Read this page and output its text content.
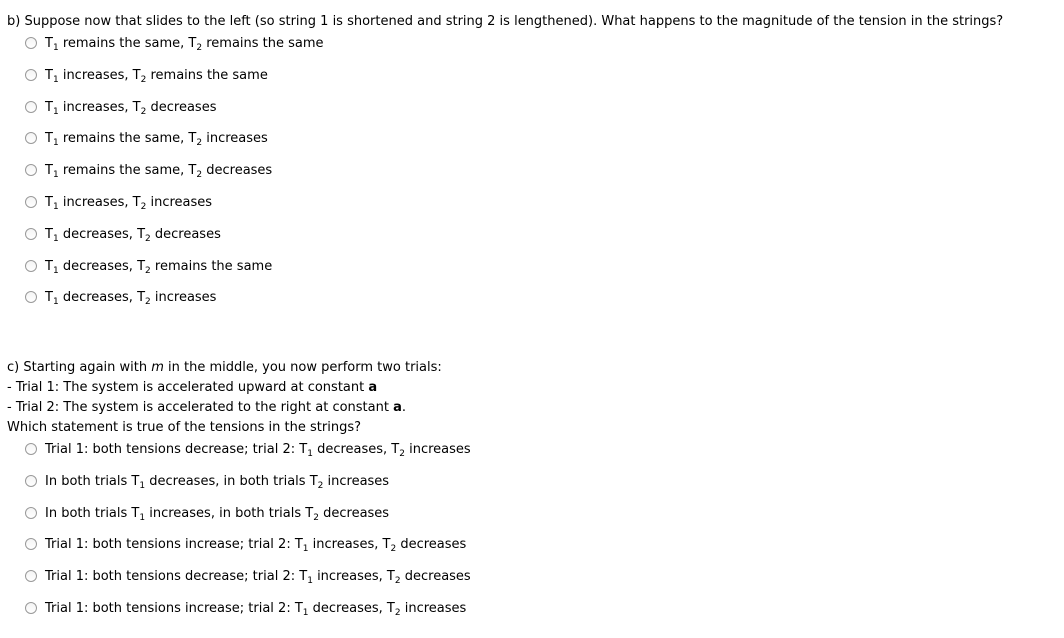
b) Suppose now that slides to the left (so string 1 is shortened and string 2 is lengthened). What happens to the magnitude of the tension in the strings?
$T_1$ remains the same, $T_2$ remains the same
$T_1$ increases, $T_2$ remains the same
$T_1$ increases, $T_2$ decreases
$T_1$ remains the same, $T_2$ increases
$T_1$ remains the same, $T_2$ decreases
$T_1$ increases, $T_2$ increases
$T_1$ decreases, $T_2$ decreases
$T_1$ decreases, $T_2$ remains the same
$T_1$ decreases, $T_2$ increases
c) Starting again with m in the middle, you now perform two trials:
- Trial 1: The system is accelerated upward at constant a
- Trial 2: The system is accelerated to the right at constant a.
Which statement is true of the tensions in the strings?
Trial 1: both tensions decrease; trial 2: $T_1$ decreases, $T_2$ increases
In both trials $T_1$ decreases, in both trials $T_2$ increases
In both trials $T_1$ increases, in both trials $T_2$ decreases
Trial 1: both tensions increase; trial 2: $T_1$ increases, $T_2$ decreases
Trial 1: both tensions decrease; trial 2: $T_1$ increases, $T_2$ decreases
Trial 1: both tensions increase; trial 2: $T_1$ decreases, $T_2$ increases
